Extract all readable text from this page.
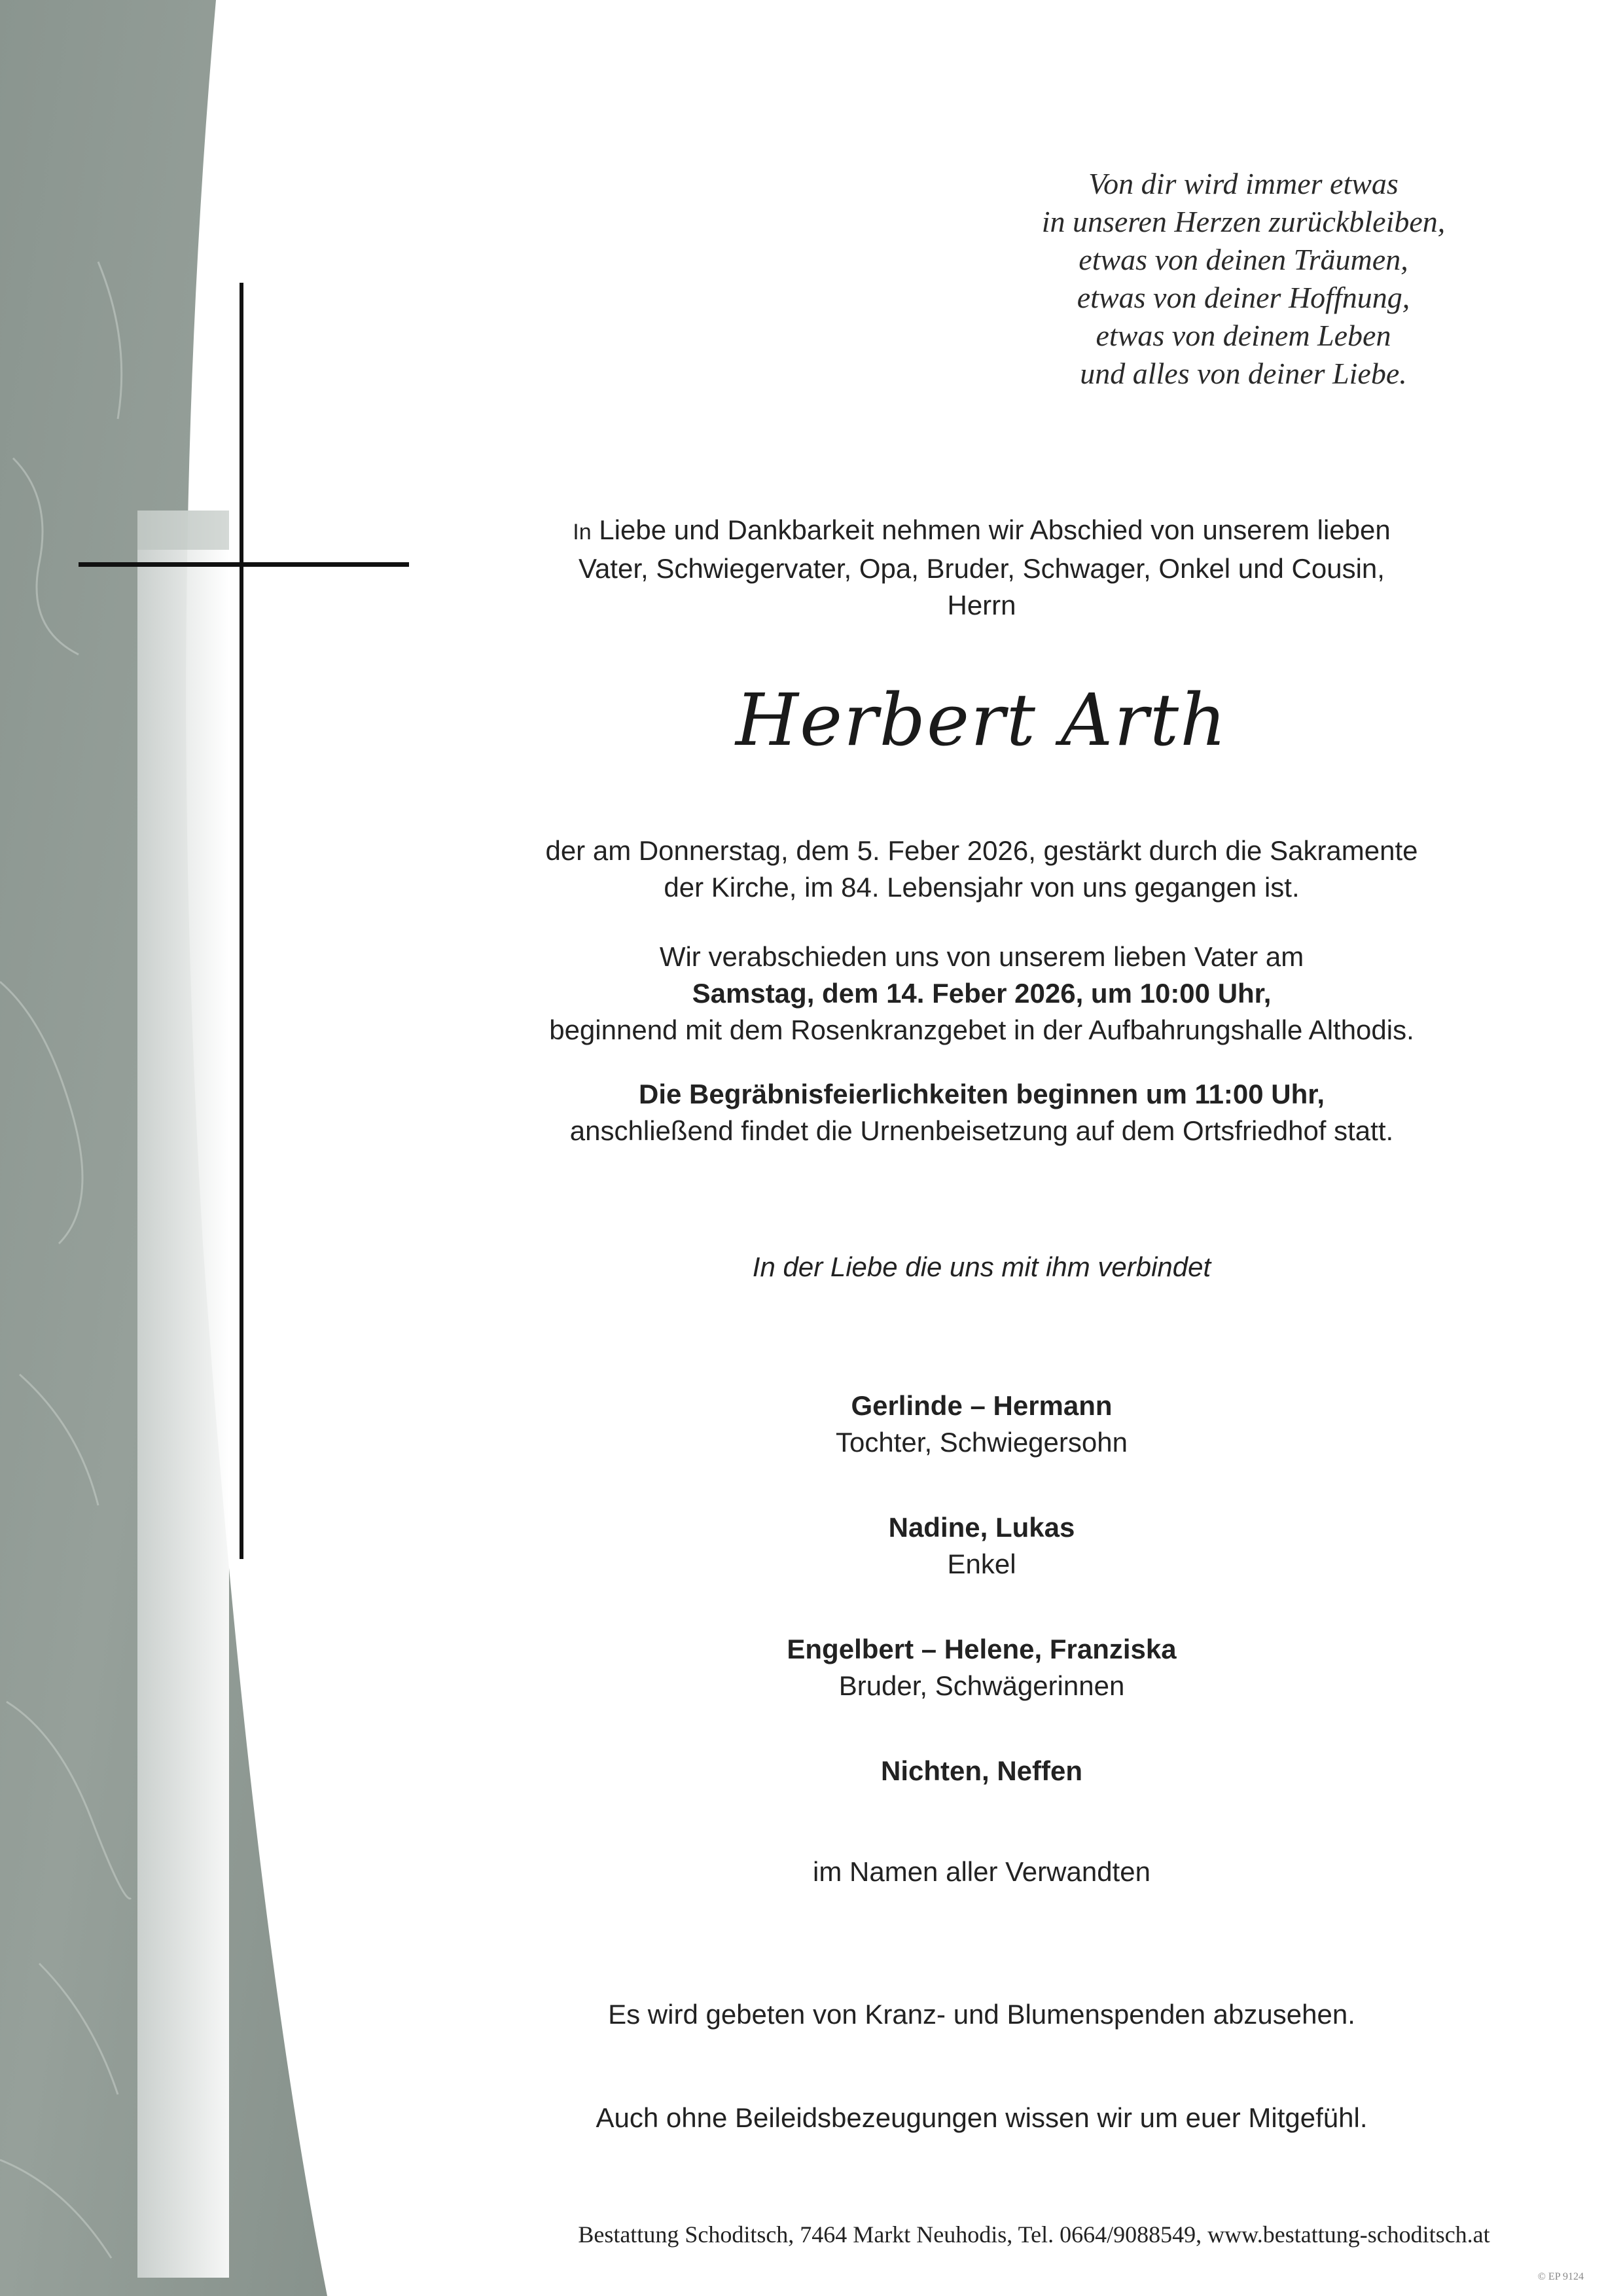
Von dir wird immer etwas
in unseren Herzen zurückbleiben,
etwas von deinen Träumen,
etwas von deiner Hoffnung,
etwas von deinem Leben
und alles von deiner Liebe.
In Liebe und Dankbarkeit nehmen wir Abschied von unserem lieben
Vater, Schwiegervater, Opa, Bruder, Schwager, Onkel und Cousin,
Herrn
Herbert Arth
der am Donnerstag, dem 5. Feber 2026, gestärkt durch die Sakramente
der Kirche, im 84. Lebensjahr von uns gegangen ist.
Wir verabschieden uns von unserem lieben Vater am
Samstag, dem 14. Feber 2026, um 10:00 Uhr,
beginnend mit dem Rosenkranzgebet in der Aufbahrungshalle Althodis.
Die Begräbnisfeierlichkeiten beginnen um 11:00 Uhr,
anschließend findet die Urnenbeisetzung auf dem Ortsfriedhof statt.
In der Liebe die uns mit ihm verbindet
Gerlinde – Hermann
Tochter, Schwiegersohn
Nadine, Lukas
Enkel
Engelbert – Helene, Franziska
Bruder, Schwägerinnen
Nichten, Neffen
im Namen aller Verwandten
Es wird gebeten von Kranz- und Blumenspenden abzusehen.
Auch ohne Beileidsbezeugungen wissen wir um euer Mitgefühl.
Bestattung Schoditsch, 7464 Markt Neuhodis, Tel. 0664/9088549, www.bestattung-schoditsch.at
© EP 9124
